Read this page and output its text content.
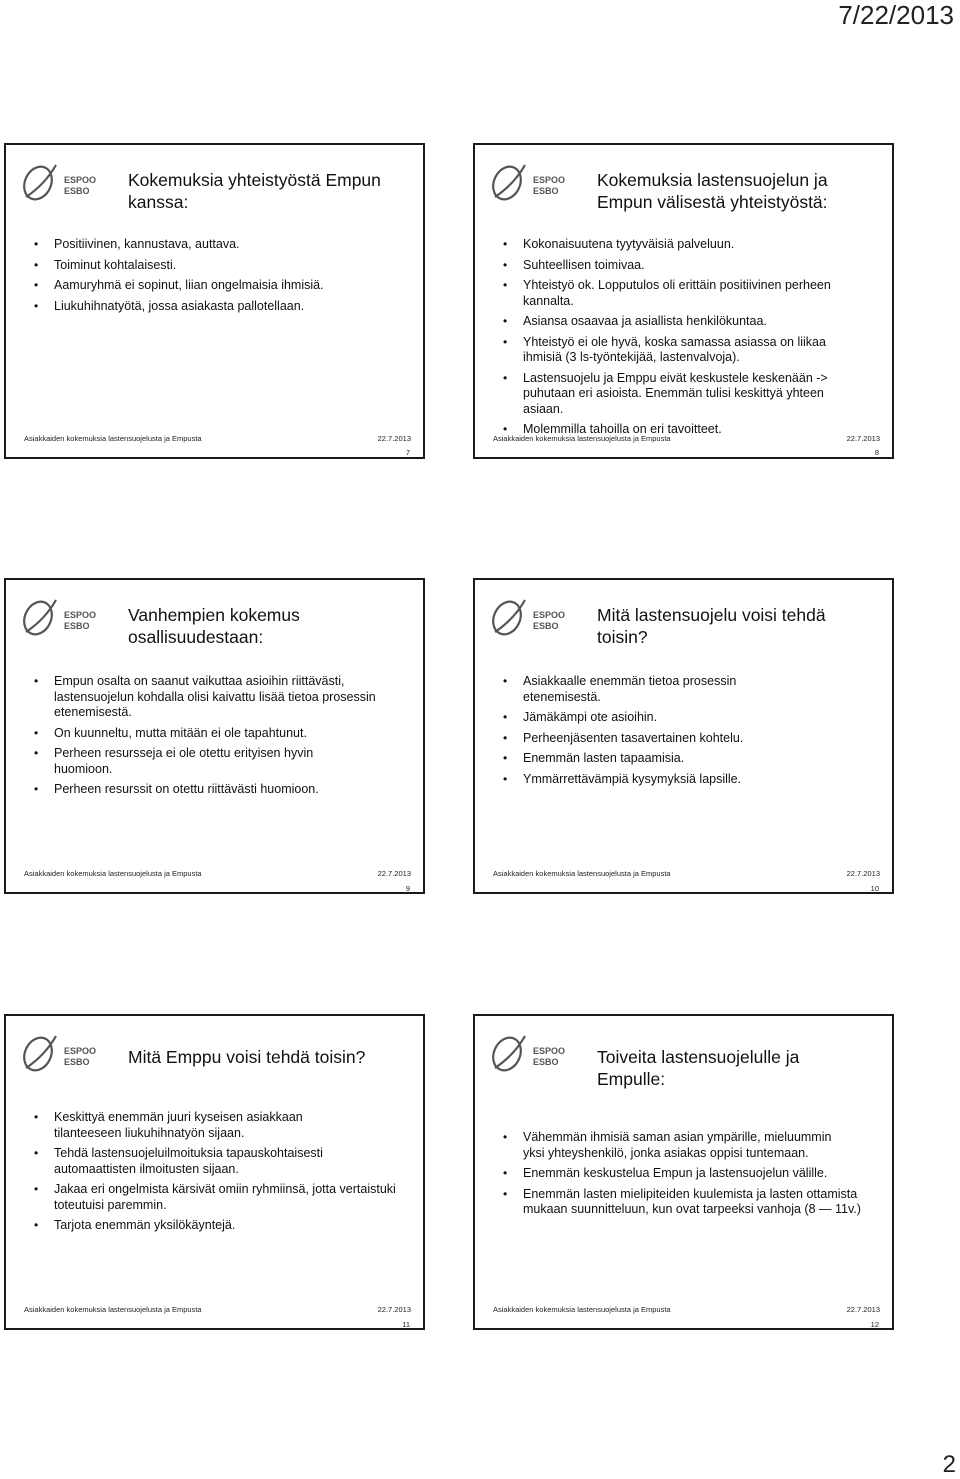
7/22/2013
ESPOO
ESBO
Kokemuksia yhteistyöstä Empun kanssa:
• Positiivinen, kannustava, auttava.
• Toiminut kohtalaisesti.
• Aamuryhmä ei sopinut, liian ongelmaisia ihmisiä.
• Liukuhihnatyötä, jossa asiakasta pallotellaan.
Asiakkaiden kokemuksia lastensuojelusta ja Empusta	22.7.2013
7
ESPOO
ESBO
Kokemuksia lastensuojelun ja Empun välisestä yhteistyöstä:
• Kokonaisuutena tyytyväisiä palveluun.
• Suhteellisen toimivaa.
• Yhteistyö ok. Lopputulos oli erittäin positiivinen perheen kannalta.
• Asiansa osaavaa ja asiallista henkilökuntaa.
• Yhteistyö ei ole hyvä, koska samassa asiassa on liikaa ihmisiä (3 ls-työntekijää, lastenvalvoja).
• Lastensuojelu ja Emppu eivät keskustele keskenään -> puhutaan eri asioista. Enemmän tulisi keskittyä yhteen asiaan.
• Molemmilla tahoilla on eri tavoitteet.
Asiakkaiden kokemuksia lastensuojelusta ja Empusta	22.7.2013
8
ESPOO
ESBO
Vanhempien kokemus osallisuudestaan:
• Empun osalta on saanut vaikuttaa asioihin riittävästi, lastensuojelun kohdalla olisi kaivattu lisää tietoa prosessin etenemisestä.
• On kuunneltu, mutta mitään ei ole tapahtunut.
• Perheen resursseja ei ole otettu erityisen hyvin huomioon.
• Perheen resurssit on otettu riittävästi huomioon.
Asiakkaiden kokemuksia lastensuojelusta ja Empusta	22.7.2013
9
ESPOO
ESBO
Mitä lastensuojelu voisi tehdä toisin?
• Asiakkaalle enemmän tietoa prosessin etenemisestä.
• Jämäkämpi ote asioihin.
• Perheenjäsenten tasavertainen kohtelu.
• Enemmän lasten tapaamisia.
• Ymmärrettävämpiä kysymyksiä lapsille.
Asiakkaiden kokemuksia lastensuojelusta ja Empusta	22.7.2013
10
ESPOO
ESBO Mitä Emppu voisi tehdä toisin?
• Keskittyä enemmän juuri kyseisen asiakkaan tilanteeseen liukuhihnatyön sijaan.
• Tehdä lastensuojeluilmoituksia tapauskohtaisesti automaattisten ilmoitusten sijaan.
• Jakaa eri ongelmista kärsivät omiin ryhmiinsä, jotta vertaistuki toteutuisi paremmin.
• Tarjota enemmän yksilökäyntejä.
Asiakkaiden kokemuksia lastensuojelusta ja Empusta	22.7.2013
11
ESPOO
ESBO Toiveita lastensuojelulle ja Empulle:
• Vähemmän ihmisiä saman asian ympärille, mieluummin yksi yhteyshenkilö, jonka asiakas oppisi tuntemaan.
• Enemmän keskustelua Empun ja lastensuojelun välille.
• Enemmän lasten mielipiteiden kuulemista ja lasten ottamista mukaan suunnitteluun, kun ovat tarpeeksi vanhoja (8 — 11v.)
Asiakkaiden kokemuksia lastensuojelusta ja Empusta	22.7.2013
12
2
